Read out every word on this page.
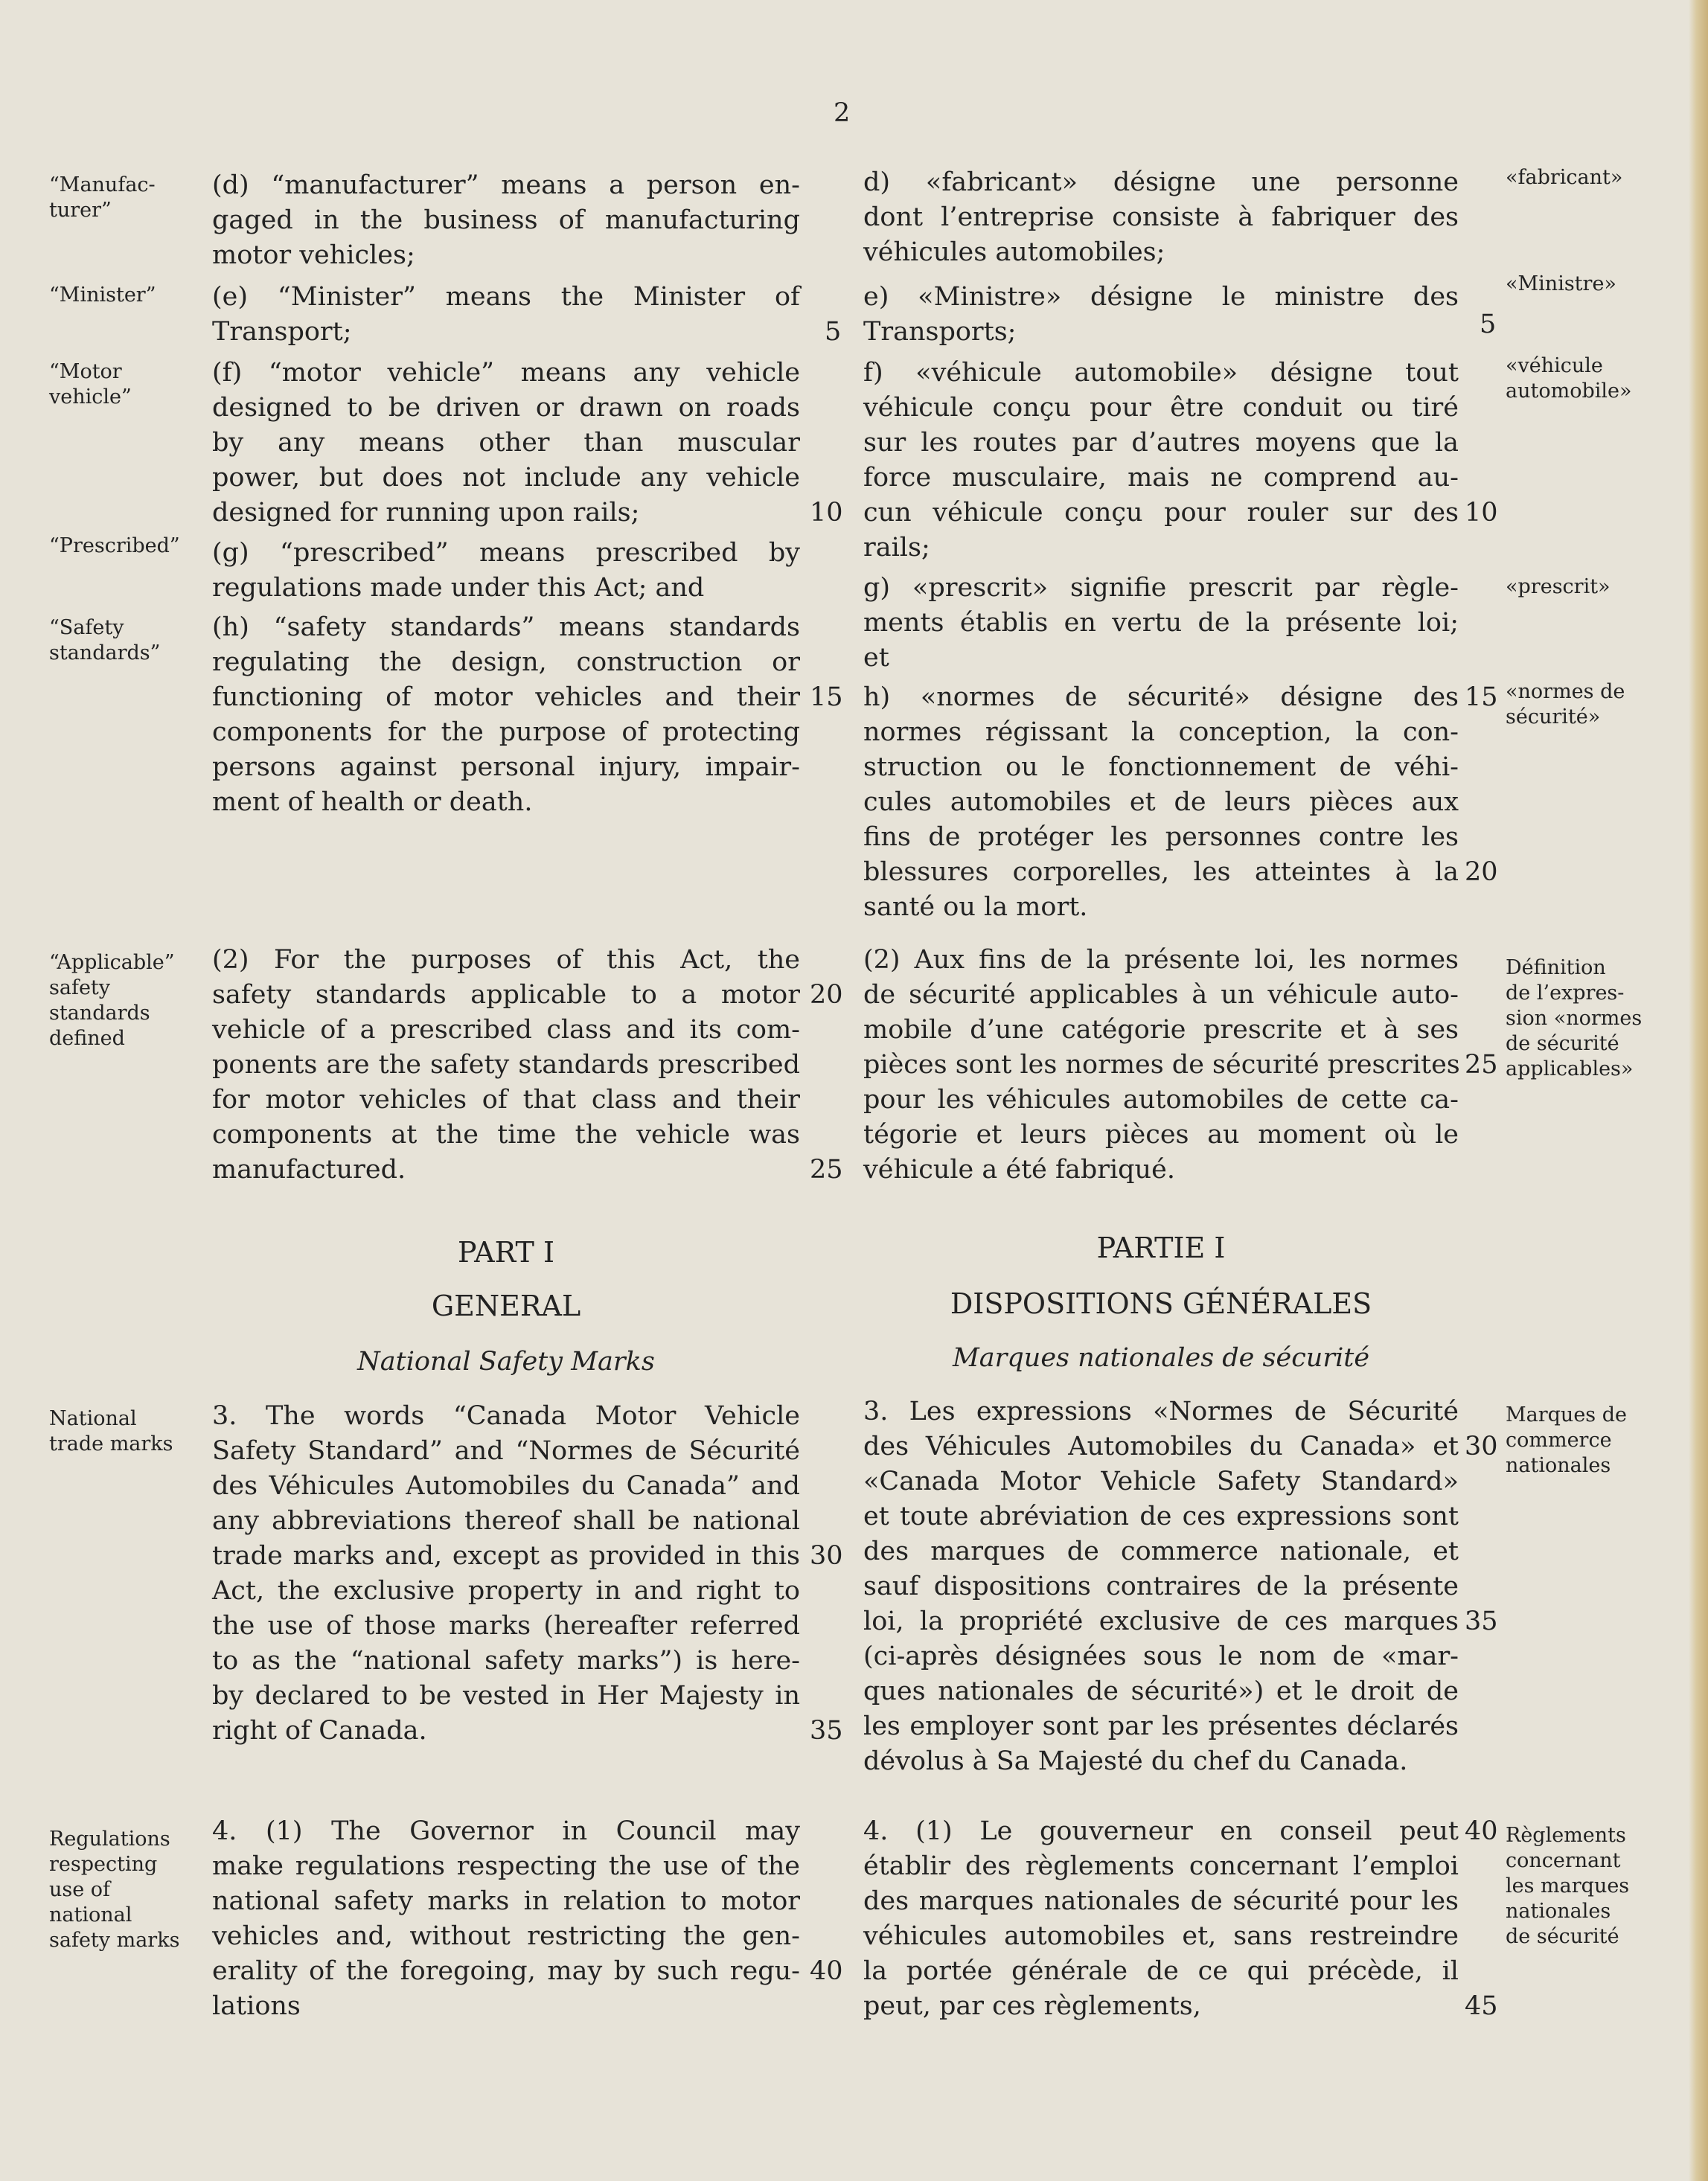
2
“Manufac-
turer”
“Minister”
“Motor
vehicle”
“Prescribed”
“Safety
standards”
“Applicable”
safety
standards
defined
National
trade marks
Regulations
respecting
use of
national
safety marks
«fabricant»
«Ministre»
«véhicule
automobile»
«prescrit»
«normes de
sécurité»
Définition
de l’expres-
sion «normes
de sécurité
applicables»
Marques de
commerce
nationales
Règlements
concernant
les marques
nationales
de sécurité
(d) “manufacturer” means a person en-
gaged in the business of manufacturing
motor vehicles;
(e) “Minister” means the Minister of
Transport;
(f) “motor vehicle” means any vehicle
designed to be driven or drawn on roads
by any means other than muscular
power, but does not include any vehicle
designed for running upon rails;
(g) “prescribed” means prescribed by
regulations made under this Act; and
(h) “safety standards” means standards
regulating the design, construction or
functioning of motor vehicles and their
components for the purpose of protecting
persons against personal injury, impair-
ment of health or death.
(2) For the purposes of this Act, the
safety standards applicable to a motor
vehicle of a prescribed class and its com-
ponents are the safety standards prescribed
for motor vehicles of that class and their
components at the time the vehicle was
manufactured.
PART I
GENERAL
National Safety Marks
3. The words “Canada Motor Vehicle
Safety Standard” and “Normes de Sécurité
des Véhicules Automobiles du Canada” and
any abbreviations thereof shall be national
trade marks and, except as provided in this
Act, the exclusive property in and right to
the use of those marks (hereafter referred
to as the “national safety marks”) is here-
by declared to be vested in Her Majesty in
right of Canada.
4. (1) The Governor in Council may
make regulations respecting the use of the
national safety marks in relation to motor
vehicles and, without restricting the gen-
erality of the foregoing, may by such regu-
lations
5
10
15
20
25
30
35
40
d) «fabricant» désigne une personne
dont l’entreprise consiste à fabriquer des
véhicules automobiles;
e) «Ministre» désigne le ministre des
Transports;
f) «véhicule automobile» désigne tout
véhicule conçu pour être conduit ou tiré
sur les routes par d’autres moyens que la
force musculaire, mais ne comprend au-
cun véhicule conçu pour rouler sur des
rails;
g) «prescrit» signifie prescrit par règle-
ments établis en vertu de la présente loi;
et
h) «normes de sécurité» désigne des
normes régissant la conception, la con-
struction ou le fonctionnement de véhi-
cules automobiles et de leurs pièces aux
fins de protéger les personnes contre les
blessures corporelles, les atteintes à la
santé ou la mort.
(2) Aux fins de la présente loi, les normes
de sécurité applicables à un véhicule auto-
mobile d’une catégorie prescrite et à ses
pièces sont les normes de sécurité prescrites
pour les véhicules automobiles de cette ca-
tégorie et leurs pièces au moment où le
véhicule a été fabriqué.
PARTIE I
DISPOSITIONS GÉNÉRALES
Marques nationales de sécurité
3. Les expressions «Normes de Sécurité
des Véhicules Automobiles du Canada» et
«Canada Motor Vehicle Safety Standard»
et toute abréviation de ces expressions sont
des marques de commerce nationale, et
sauf dispositions contraires de la présente
loi, la propriété exclusive de ces marques
(ci-après désignées sous le nom de «mar-
ques nationales de sécurité») et le droit de
les employer sont par les présentes déclarés
dévolus à Sa Majesté du chef du Canada.
4. (1) Le gouverneur en conseil peut
établir des règlements concernant l’emploi
des marques nationales de sécurité pour les
véhicules automobiles et, sans restreindre
la portée générale de ce qui précède, il
peut, par ces règlements,
5
10
15
20
25
30
35
40
45
